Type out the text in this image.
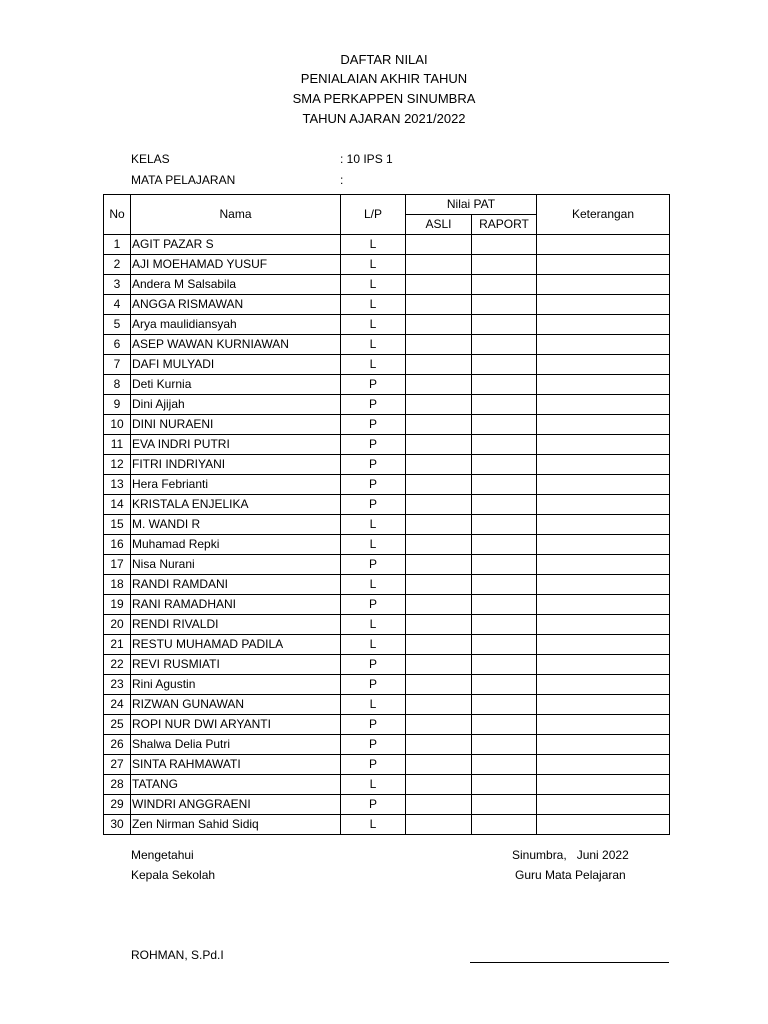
DAFTAR NILAI
PENIALAIAN AKHIR TAHUN
SMA PERKAPPEN SINUMBRA
TAHUN AJARAN 2021/2022
KELAS	: 10 IPS 1
MATA PELAJARAN	:
No	Nama	L/P	Nilai PAT		Keterangan
			ASLI	RAPORT	
1	AGIT PAZAR S	L			
2	AJI MOEHAMAD YUSUF	L			
3	Andera M Salsabila	L			
4	ANGGA RISMAWAN	L			
5	Arya maulidiansyah	L			
6	ASEP WAWAN KURNIAWAN	L			
7	DAFI MULYADI	L			
8	Deti Kurnia	P			
9	Dini Ajijah	P			
10	DINI NURAENI	P			
11	EVA INDRI PUTRI	P			
12	FITRI INDRIYANI	P			
13	Hera Febrianti	P			
14	KRISTALA ENJELIKA	P			
15	M. WANDI R	L			
16	Muhamad Repki	L			
17	Nisa Nurani	P			
18	RANDI RAMDANI	L			
19	RANI RAMADHANI	P			
20	RENDI RIVALDI	L			
21	RESTU MUHAMAD PADILA	L			
22	REVI RUSMIATI	P			
23	Rini Agustin	P			
24	RIZWAN GUNAWAN	L			
25	ROPI NUR DWI ARYANTI	P			
26	Shalwa Delia Putri	P			
27	SINTA RAHMAWATI	P			
28	TATANG	L			
29	WINDRI ANGGRAENI	P			
30	Zen Nirman Sahid Sidiq	L			
Mengetahui
Kepala Sekolah
Sinumbra,   Juni 2022
Guru Mata Pelajaran
ROHMAN, S.Pd.I
